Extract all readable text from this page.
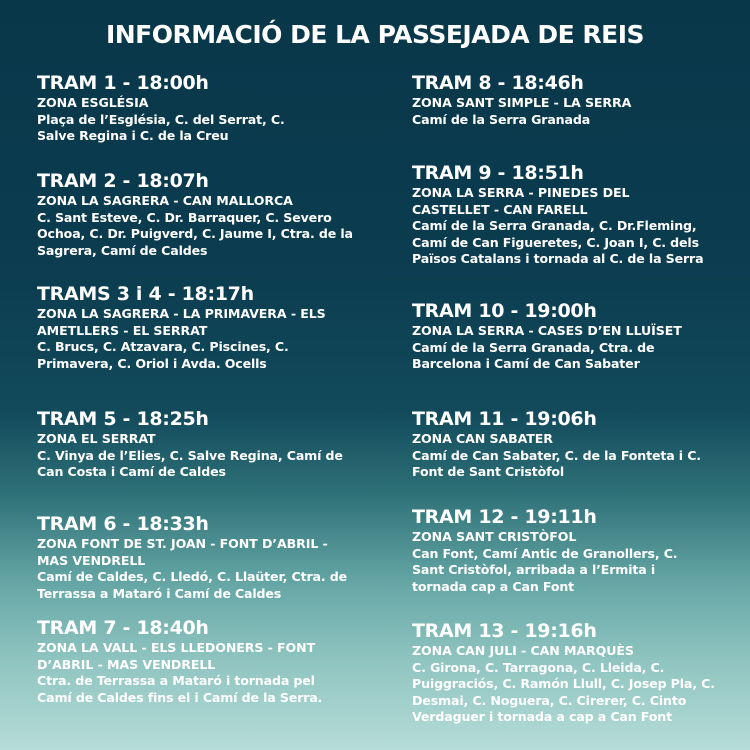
INFORMACIÓ DE LA PASSEJADA DE REIS
TRAM 1 - 18:00h
ZONA ESGLÉSIA
Plaça de l’Església, C. del Serrat, C. Salve Regina i C. de la Creu
TRAM 2 - 18:07h
ZONA LA SAGRERA - CAN MALLORCA
C. Sant Esteve, C. Dr. Barraquer, C. Severo Ochoa, C. Dr. Puigverd, C. Jaume I, Ctra. de la Sagrera, Camí de Caldes
TRAMS 3 i 4 - 18:17h
ZONA LA SAGRERA - LA PRIMAVERA - ELS AMETLLERS - EL SERRAT
C. Brucs, C. Atzavara, C. Piscines, C. Primavera, C. Oriol i Avda. Ocells
TRAM 5 - 18:25h
ZONA EL SERRAT
C. Vinya de l’Elies, C. Salve Regina, Camí de Can Costa i Camí de Caldes
TRAM 6 - 18:33h
ZONA FONT DE ST. JOAN - FONT D’ABRIL - MAS VENDRELL
Camí de Caldes, C. Lledó, C. Llaüter, Ctra. de Terrassa a Mataró i Camí de Caldes
TRAM 7 - 18:40h
ZONA LA VALL - ELS LLEDONERS - FONT D’ABRIL - MAS VENDRELL
Ctra. de Terrassa a Mataró i tornada pel Camí de Caldes fins el i Camí de la Serra.
TRAM 8 - 18:46h
ZONA SANT SIMPLE - LA SERRA
Camí de la Serra Granada
TRAM 9 - 18:51h
ZONA LA SERRA - PINEDES DEL CASTELLET - CAN FARELL
Camí de la Serra Granada, C. Dr.Fleming, Camí de Can Figueretes, C. Joan I, C. dels Països Catalans i tornada al C. de la Serra
TRAM 10 - 19:00h
ZONA LA SERRA - CASES D’EN LLUÏSET
Camí de la Serra Granada, Ctra. de Barcelona i Camí de Can Sabater
TRAM 11 - 19:06h
ZONA CAN SABATER
Camí de Can Sabater, C. de la Fonteta i C. Font de Sant Cristòfol
TRAM 12 - 19:11h
ZONA SANT CRISTÒFOL
Can Font, Camí Antic de Granollers, C. Sant Cristòfol, arribada a l’Ermita i tornada cap a Can Font
TRAM 13 - 19:16h
ZONA CAN JULI - CAN MARQUÈS
C. Girona, C. Tarragona, C. Lleida, C. Puiggraciós, C. Ramón Llull, C. Josep Pla, C. Desmai, C. Noguera, C. Cirerer, C. Cinto Verdaguer i tornada a cap a Can Font
